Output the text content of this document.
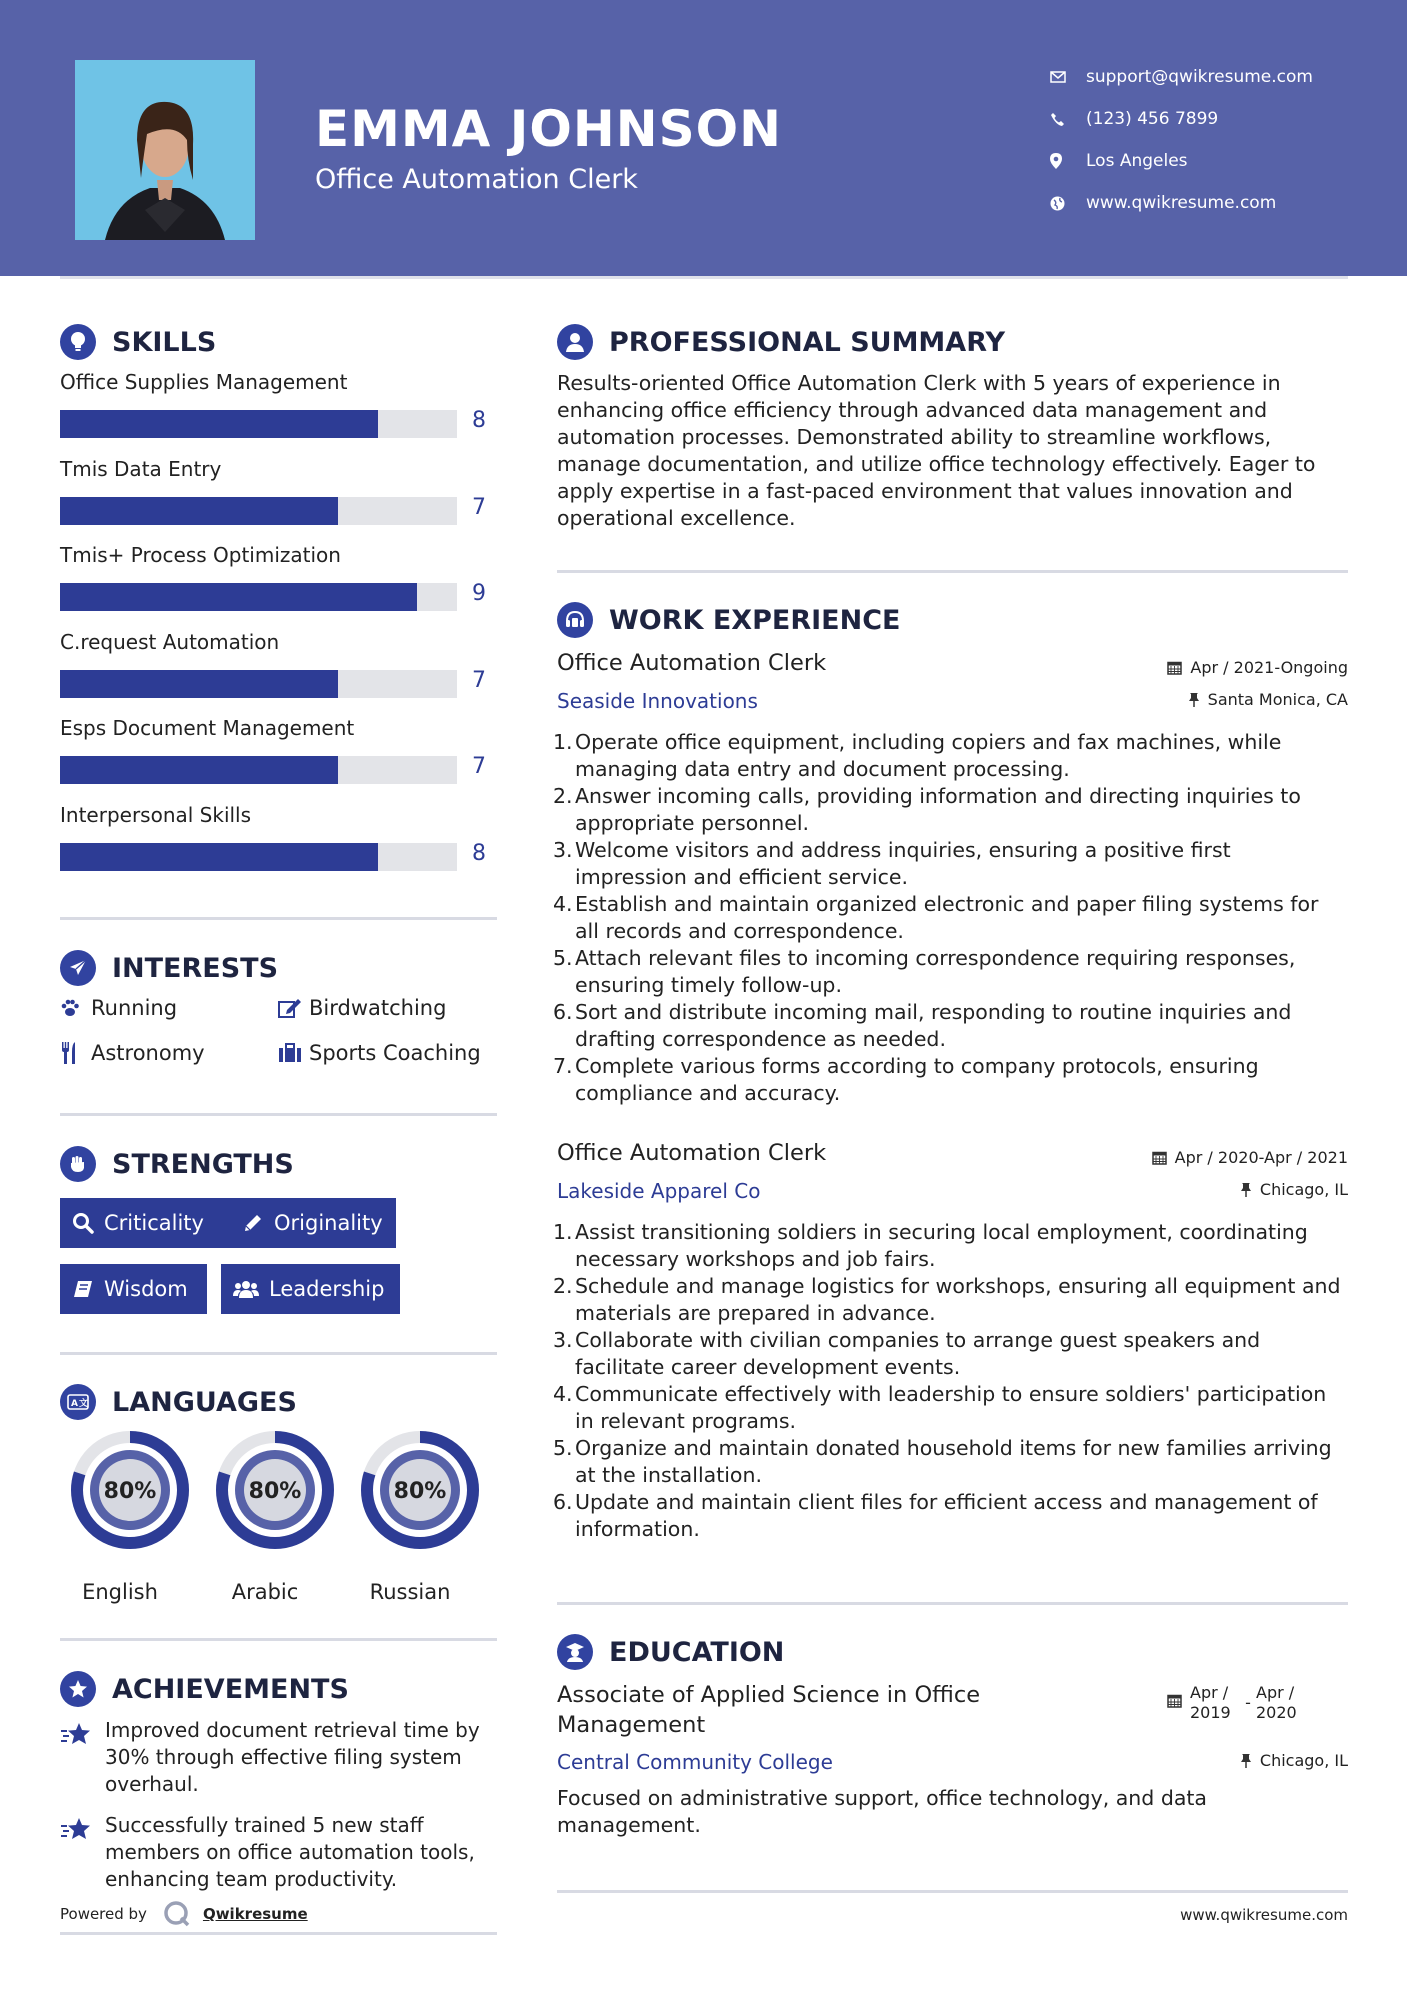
EMMA JOHNSON
Office Automation Clerk
support@qwikresume.com
(123) 456 7899
Los Angeles
www.qwikresume.com
SKILLS
Office Supplies Management
8
Tmis Data Entry
7
Tmis+ Process Optimization
9
C.request Automation
7
Esps Document Management
7
Interpersonal Skills
8
INTERESTS
Running	Birdwatching
Astronomy	Sports Coaching
STRENGTHS
Criticality	Originality
Wisdom	Leadership
A 文 LANGUAGES
80%
English
80%
Arabic
80%
Russian
ACHIEVEMENTS
Improved document retrieval time by 30% through effective filing system overhaul.
Successfully trained 5 new staff members on office automation tools, enhancing team productivity.
Powered by	Qwikresume
PROFESSIONAL SUMMARY
Results-oriented Office Automation Clerk with 5 years of experience in enhancing office efficiency through advanced data management and automation processes. Demonstrated ability to streamline workflows, manage documentation, and utilize office technology effectively. Eager to apply expertise in a fast-paced environment that values innovation and operational excellence.
WORK EXPERIENCE
Office Automation Clerk
Seaside Innovations
Apr / 2021-Ongoing
Santa Monica, CA
1. Operate office equipment, including copiers and fax machines, while managing data entry and document processing.
2. Answer incoming calls, providing information and directing inquiries to appropriate personnel.
3. Welcome visitors and address inquiries, ensuring a positive first impression and efficient service.
4. Establish and maintain organized electronic and paper filing systems for all records and correspondence.
5. Attach relevant files to incoming correspondence requiring responses, ensuring timely follow-up.
6. Sort and distribute incoming mail, responding to routine inquiries and drafting correspondence as needed.
7. Complete various forms according to company protocols, ensuring compliance and accuracy.
Office Automation Clerk
Lakeside Apparel Co
Apr / 2020-Apr / 2021
Chicago, IL
1. Assist transitioning soldiers in securing local employment, coordinating necessary workshops and job fairs.
2. Schedule and manage logistics for workshops, ensuring all equipment and materials are prepared in advance.
3. Collaborate with civilian companies to arrange guest speakers and facilitate career development events.
4. Communicate effectively with leadership to ensure soldiers' participation in relevant programs.
5. Organize and maintain donated household items for new families arriving at the installation.
6. Update and maintain client files for efficient access and management of information.
EDUCATION
Associate of Applied Science in Office Management
Central Community College
Apr / 2019
-
Apr / 2020
Chicago, IL
Focused on administrative support, office technology, and data management.
www.qwikresume.com
